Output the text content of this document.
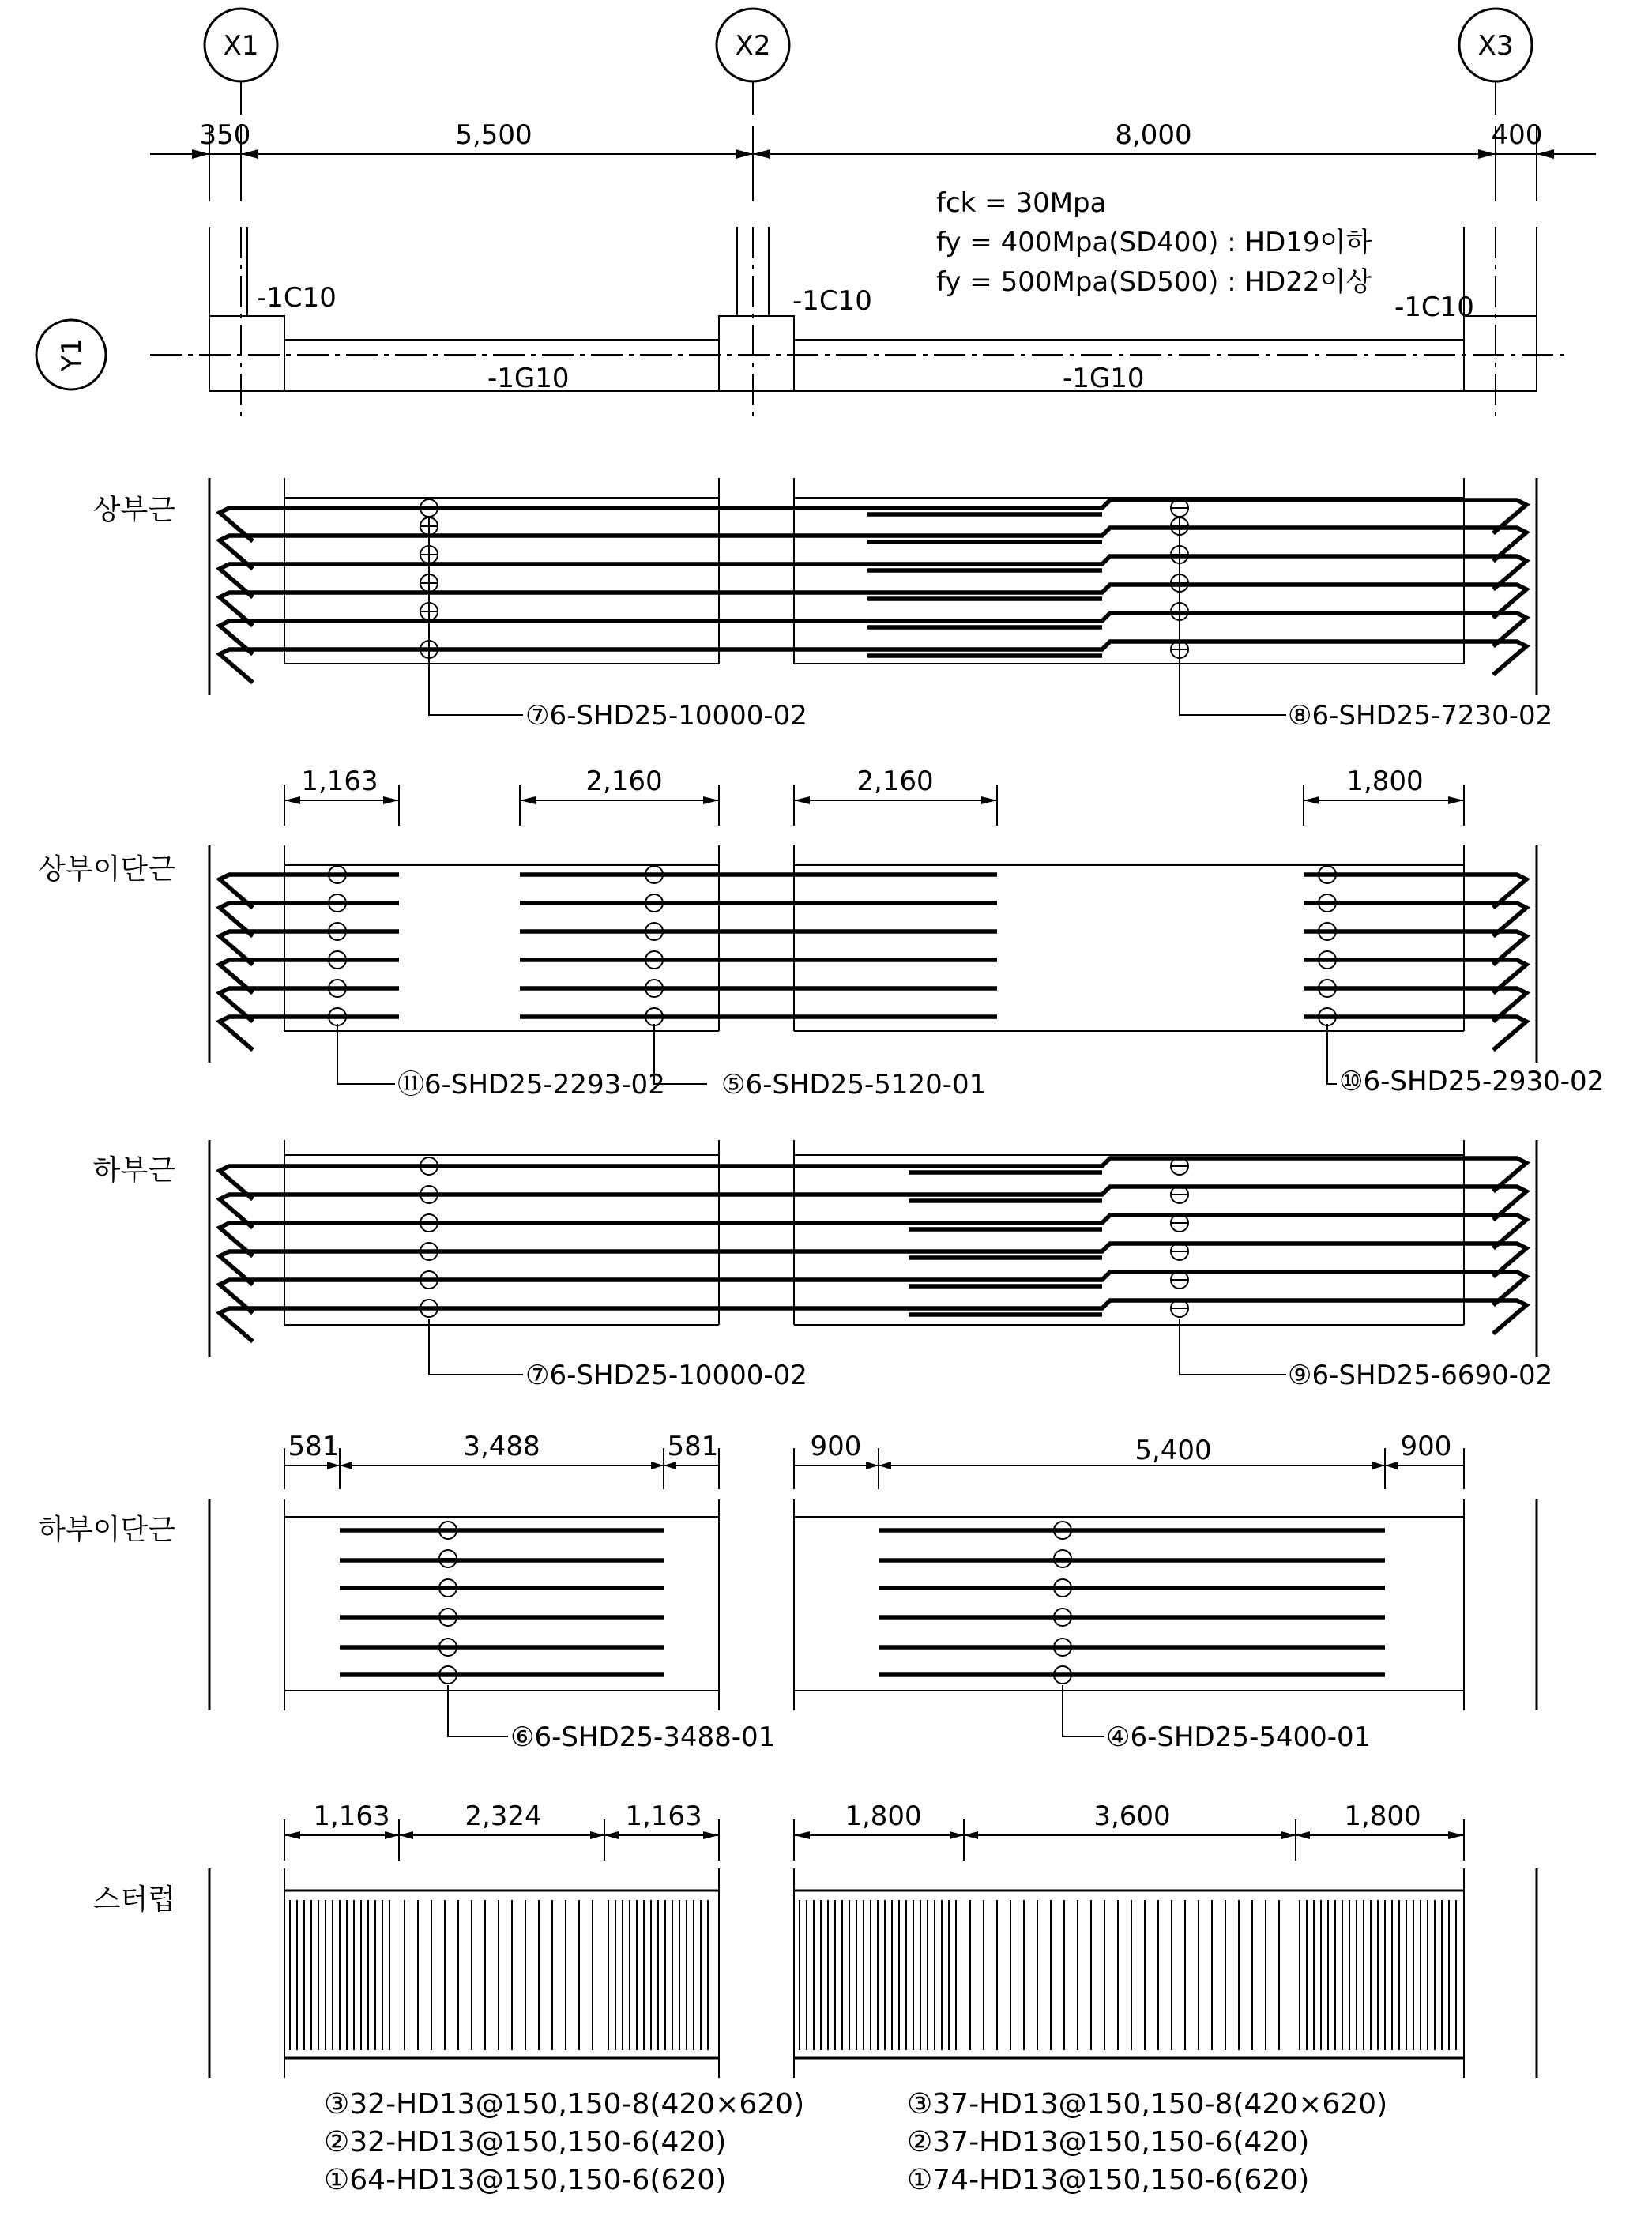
X1	X2	X3
Y1
350	5,500	8,000	400
fck = 30Mpa
fy = 400Mpa(SD400) : HD19이하
fy = 500Mpa(SD500) : HD22이상
-1C10	-1C10	-1C10
-1G10	-1G10
상부근
상부이단근
하부근
하부이단근
스터럽
⑦6-SHD25-10000-02	⑧6-SHD25-7230-02
1,163	2,160	2,160	1,800
⑪6-SHD25-2293-02 ⑤6-SHD25-5120-01	⑩6-SHD25-2930-02
⑦6-SHD25-10000-02	⑨6-SHD25-6690-02
581	3,488	581	900	5,400	900
⑥6-SHD25-3488-01	④6-SHD25-5400-01
1,163	2,324	1,163	1,800	3,600	1,800
③32-HD13@150,150-8(420×620)
②32-HD13@150,150-6(420)
①64-HD13@150,150-6(620)
③37-HD13@150,150-8(420×620)
②37-HD13@150,150-6(420)
①74-HD13@150,150-6(620)
